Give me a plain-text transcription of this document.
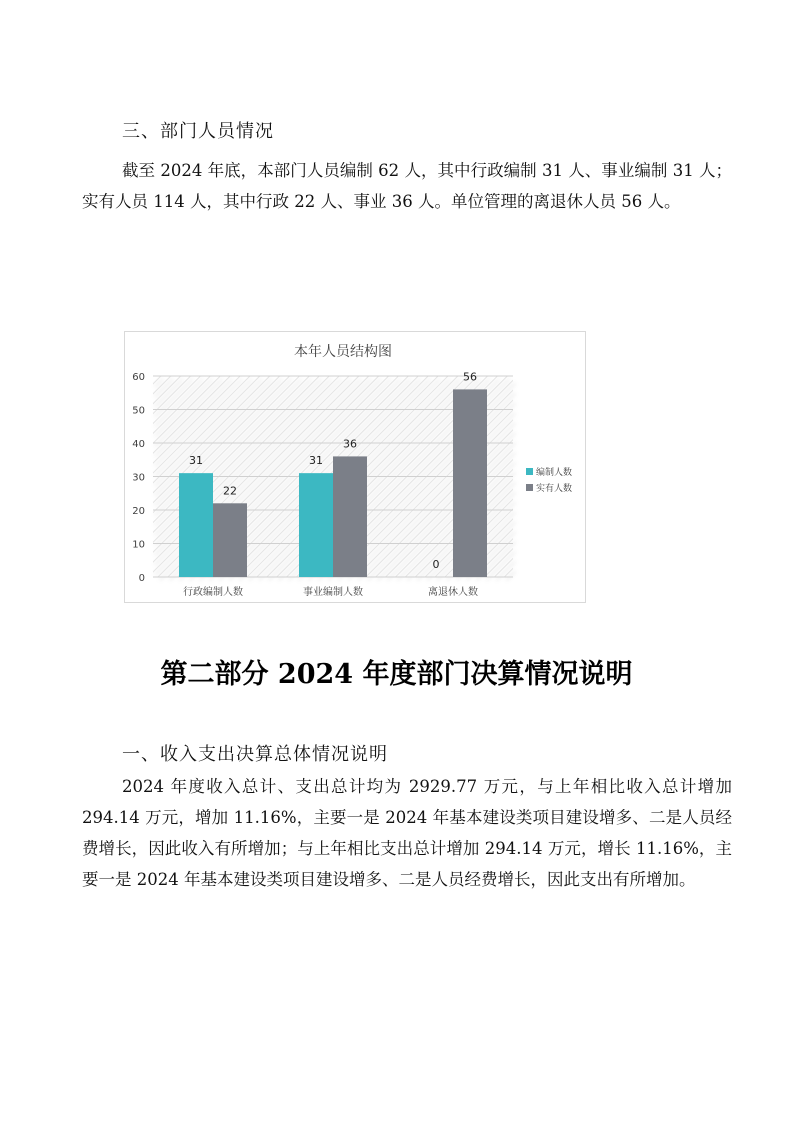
三、部门人员情况

截至 2024 年底，本部门人员编制 62 人，其中行政编制 31 人、事业编制 31 人；实有人员 114 人，其中行政 22 人、事业 36 人。单位管理的离退休人员 56 人。

本年人员结构图
0
10
20
30
40
50
60
31
22
行政编制人数
31
36
事业编制人数
0
56
离退休人数
编制人数
实有人数
第二部分 2024 年度部门决算情况说明
一、收入支出决算总体情况说明

2024 年度收入总计、支出总计均为 2929.77 万元，与上年相比收入总计增加 294.14 万元，增加 11.16%，主要一是 2024 年基本建设类项目建设增多、二是人员经费增长，因此收入有所增加；与上年相比支出总计增加 294.14 万元，增长 11.16%，主要一是 2024 年基本建设类项目建设增多、二是人员经费增长，因此支出有所增加。
